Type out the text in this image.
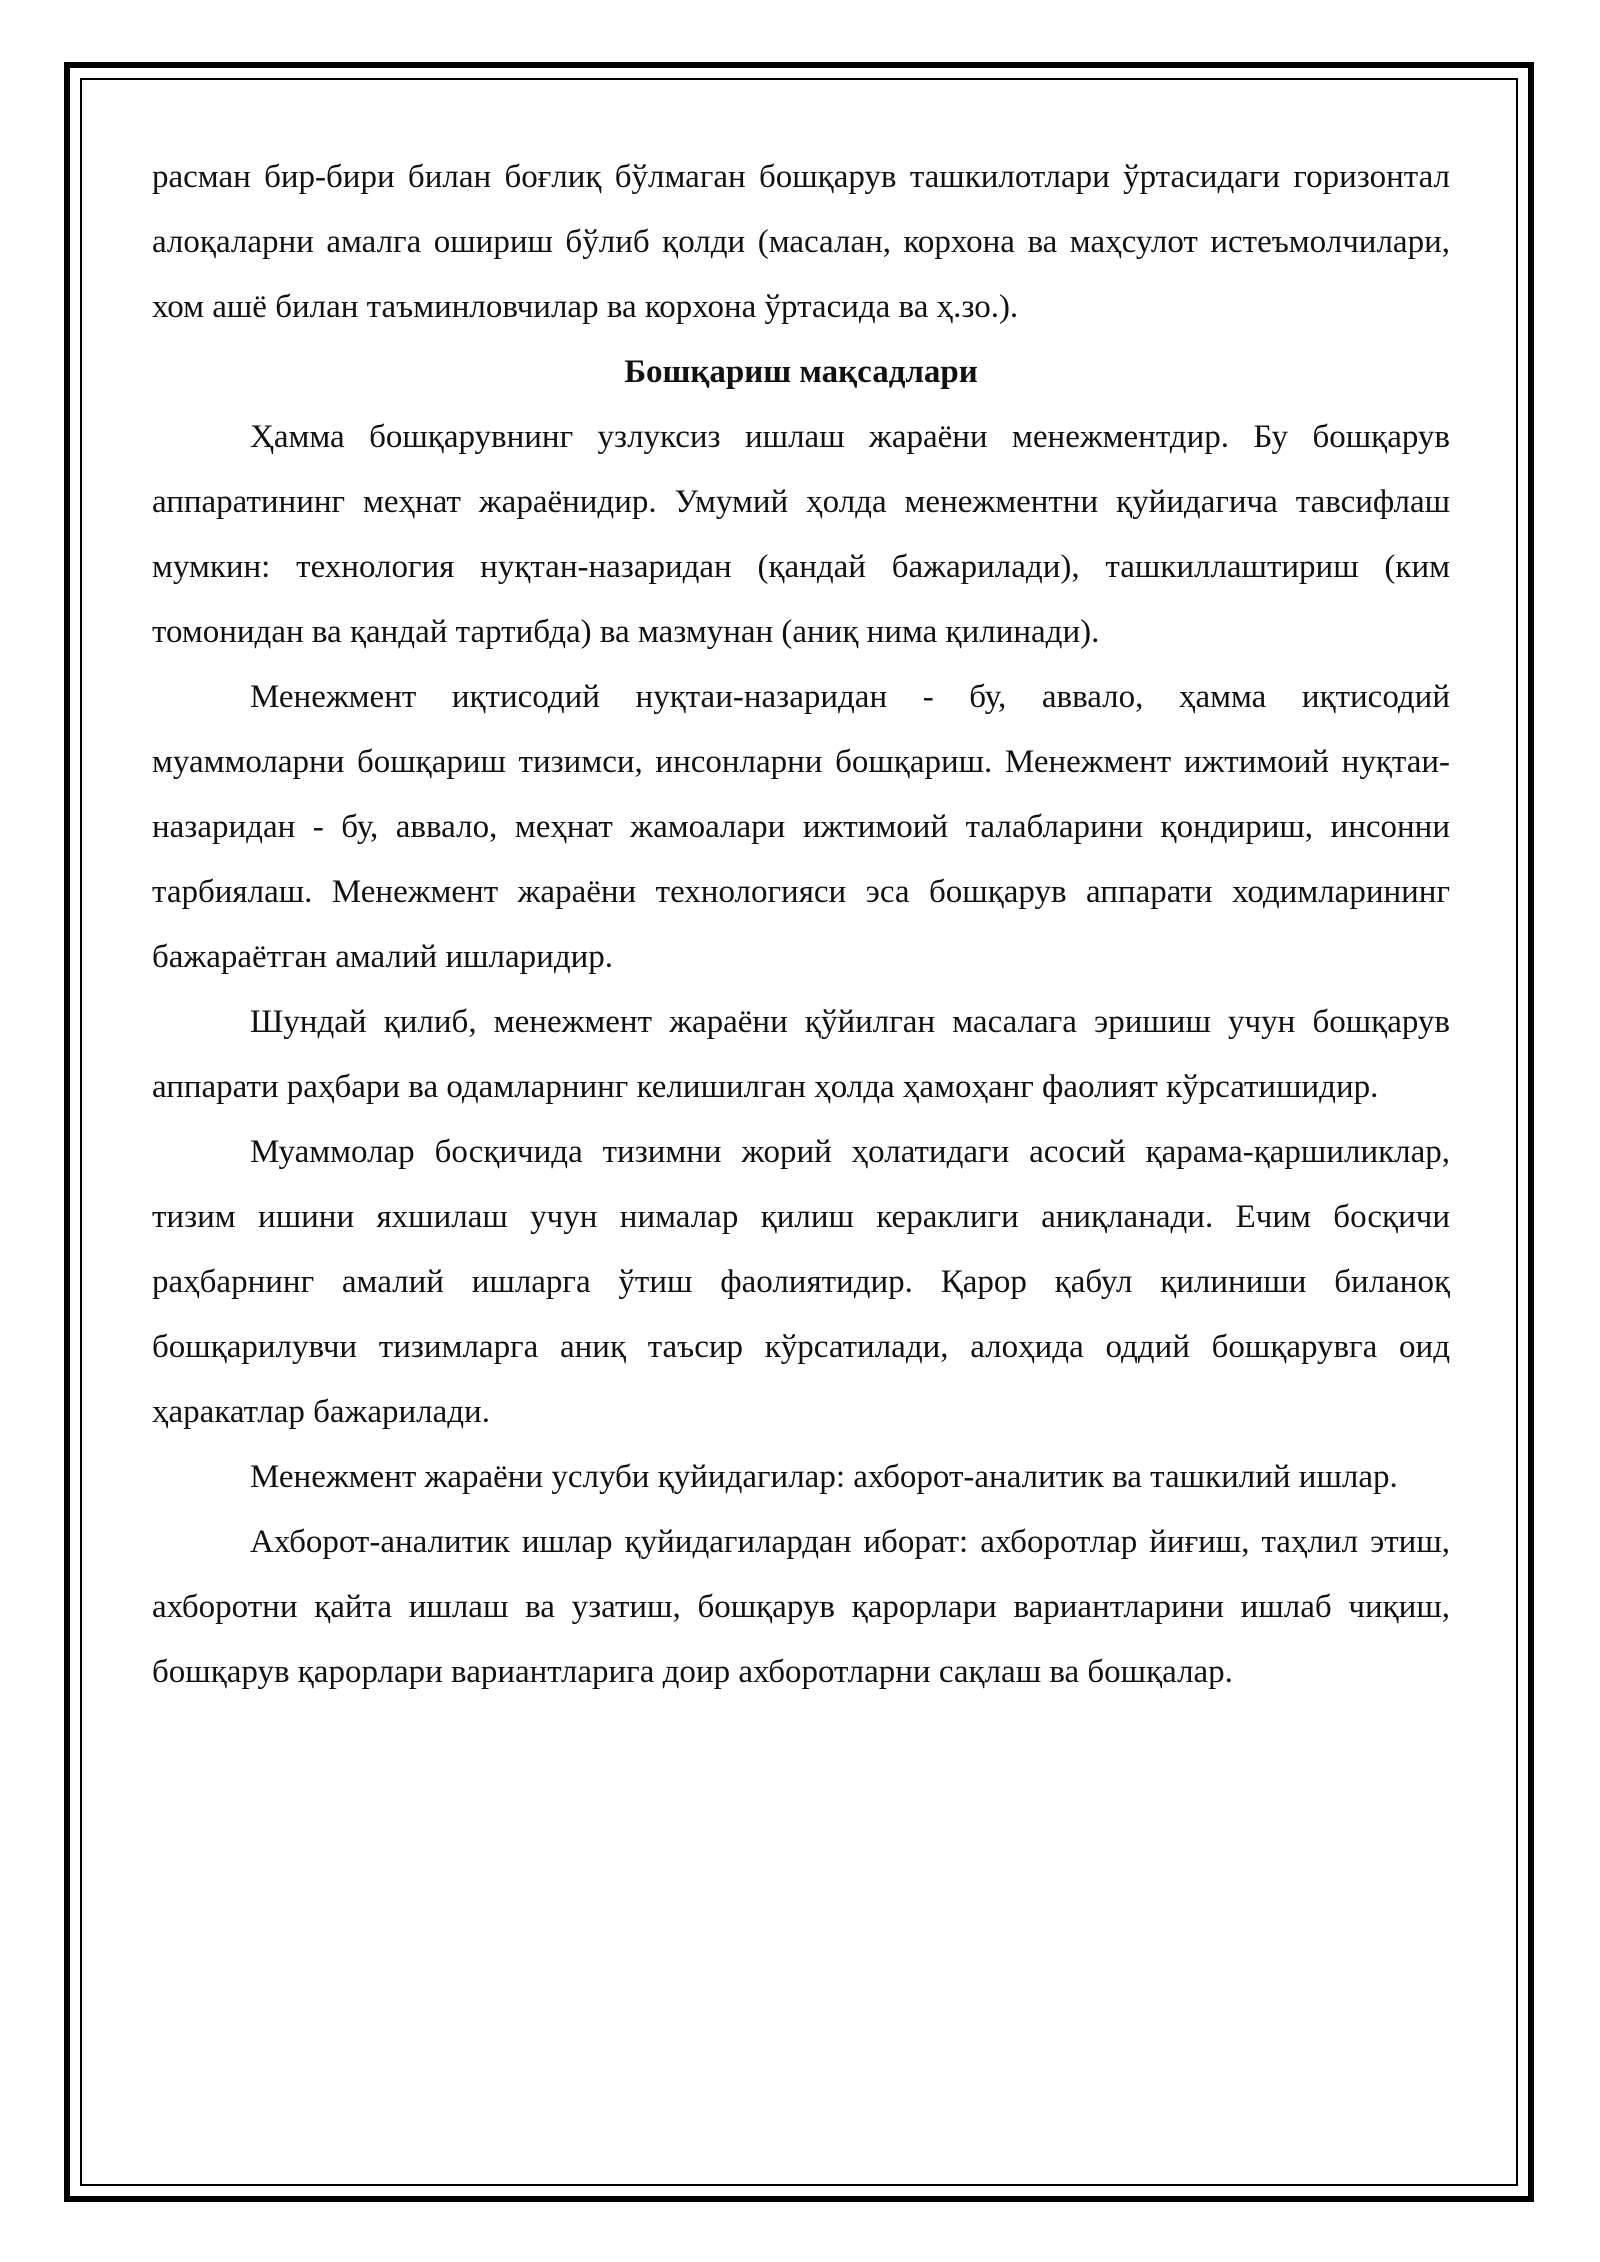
расман бир-бири билан боғлиқ бўлмаган бошқарув ташкилотлари ўртасидаги горизонтал алоқаларни амалга ошириш бўлиб қолди (масалан, корхона ва маҳсулот истеъмолчилари, хом ашё билан таъминловчилар ва корхона ўртасида ва ҳ.зо.).

Бошқариш мақсадлари

Ҳамма бошқарувнинг узлуксиз ишлаш жараёни менежментдир. Бу бошқарув аппаратининг меҳнат жараёнидир. Умумий ҳолда менежментни қуйидагича тавсифлаш мумкин: технология нуқтан-назаридан (қандай бажарилади), ташкиллаштириш (ким томонидан ва қандай тартибда) ва мазмунан (аниқ нима қилинади).

Менежмент иқтисодий нуқтаи-назаридан - бу, аввало, ҳамма иқтисодий муаммоларни бошқариш тизимси, инсонларни бошқариш. Менежмент ижтимоий нуқтаи-назаридан - бу, аввало, меҳнат жамоалари ижтимоий талабларини қондириш, инсонни тарбиялаш. Менежмент жараёни технологияси эса бошқарув аппарати ходимларининг бажараётган амалий ишларидир.

Шундай қилиб, менежмент жараёни қўйилган масалага эришиш учун бошқарув аппарати раҳбари ва одамларнинг келишилган ҳолда ҳамоҳанг фаолият кўрсатишидир.

Муаммолар босқичида тизимни жорий ҳолатидаги асосий қарама-қаршиликлар, тизим ишини яхшилаш учун нималар қилиш кераклиги аниқланади. Ечим босқичи раҳбарнинг амалий ишларга ўтиш фаолиятидир. Қарор қабул қилиниши биланоқ бошқарилувчи тизимларга аниқ таъсир кўрсатилади, алоҳида оддий бошқарувга оид ҳаракатлар бажарилади.

Менежмент жараёни услуби қуйидагилар: ахборот-аналитик ва ташкилий ишлар.

Ахборот-аналитик ишлар қуйидагилардан иборат: ахборотлар йиғиш, таҳлил этиш, ахборотни қайта ишлаш ва узатиш, бошқарув қарорлари вариантларини ишлаб чиқиш, бошқарув қарорлари вариантларига доир ахборотларни сақлаш ва бошқалар.
